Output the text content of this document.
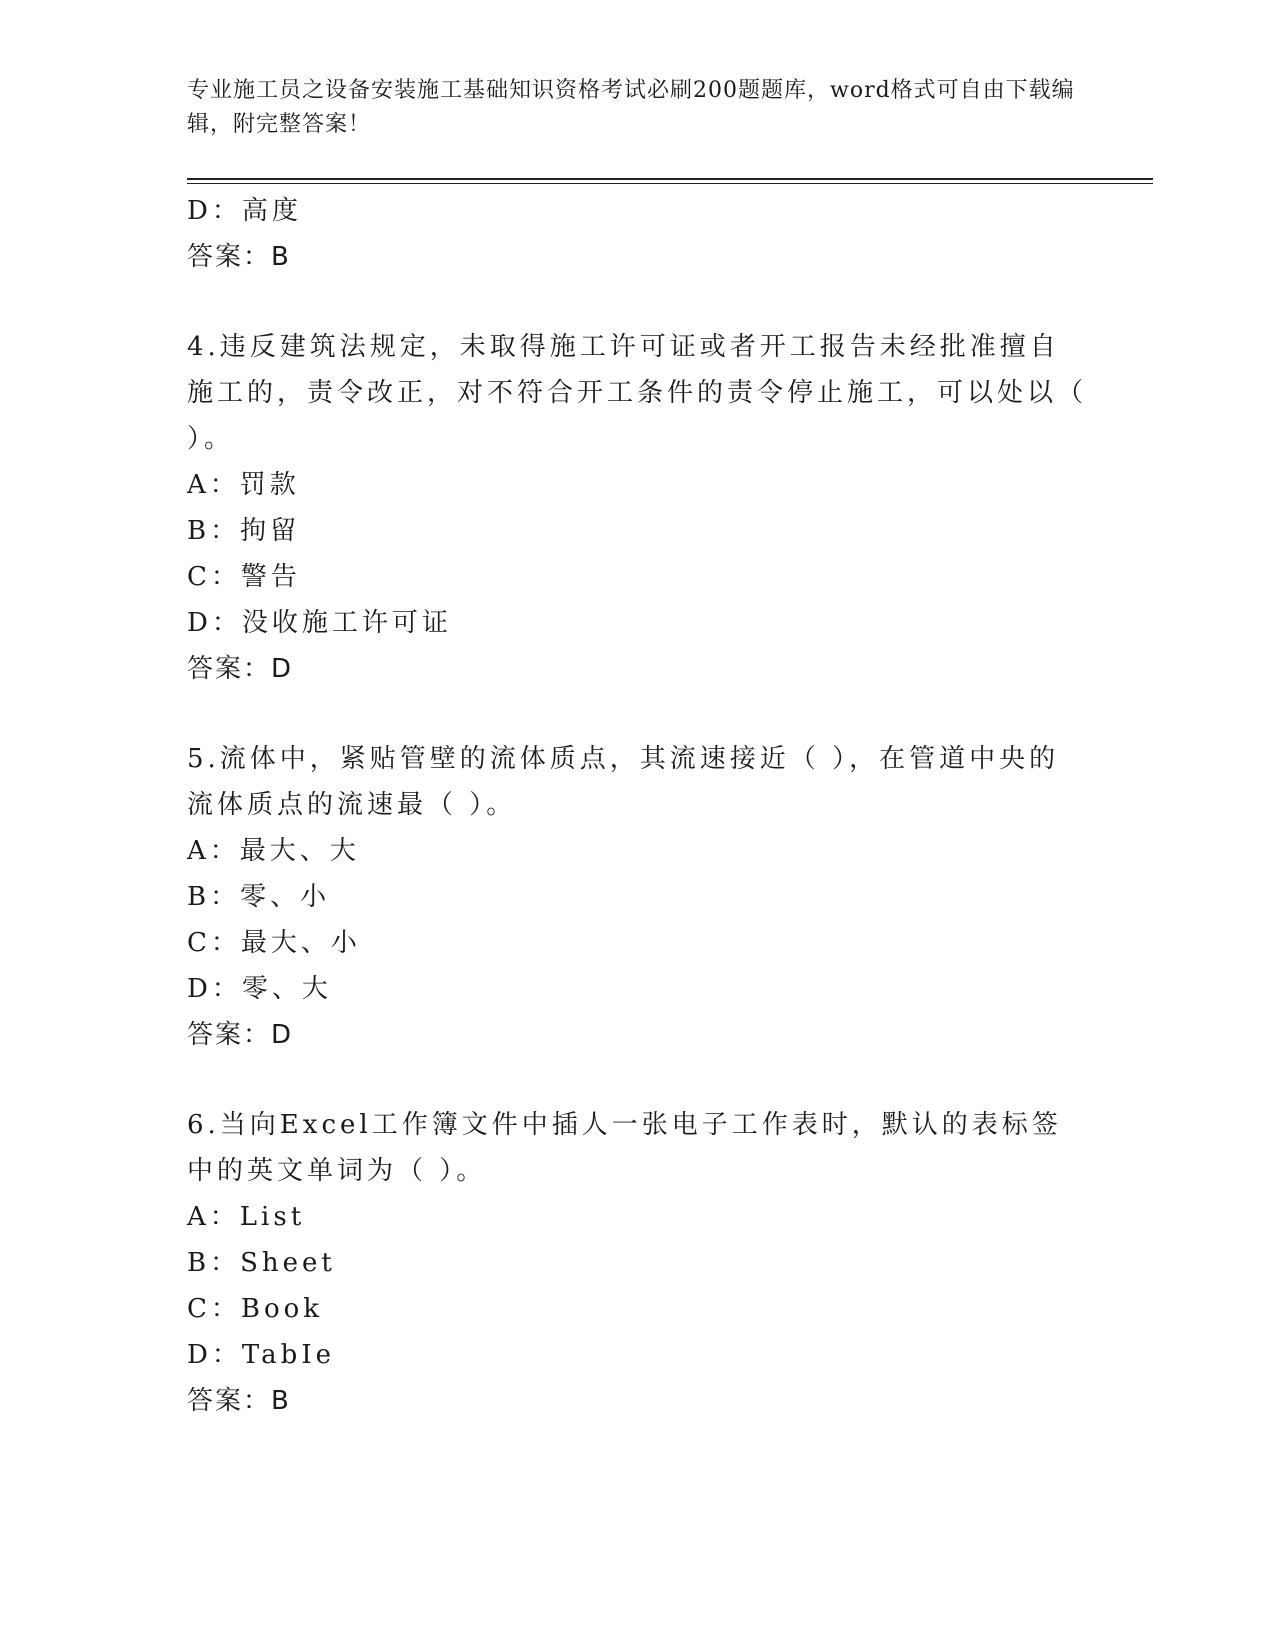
专业施工员之设备安装施工基础知识资格考试必刷200题题库，word格式可自由下载编辑，附完整答案！
D：高度
答案：B
4.违反建筑法规定，未取得施工许可证或者开工报告未经批准擅自施工的，责令改正，对不符合开工条件的责令停止施工，可以处以（ ）。
A：罚款
B：拘留
C：警告
D：没收施工许可证
答案：D
5.流体中，紧贴管壁的流体质点，其流速接近（ ），在管道中央的流体质点的流速最（ ）。
A：最大、大
B：零、小
C：最大、小
D：零、大
答案：D
6.当向Excel工作簿文件中插人一张电子工作表时，默认的表标签中的英文单词为（ ）。
A：List
B：Sheet
C：Book
D：TabIe
答案：B
